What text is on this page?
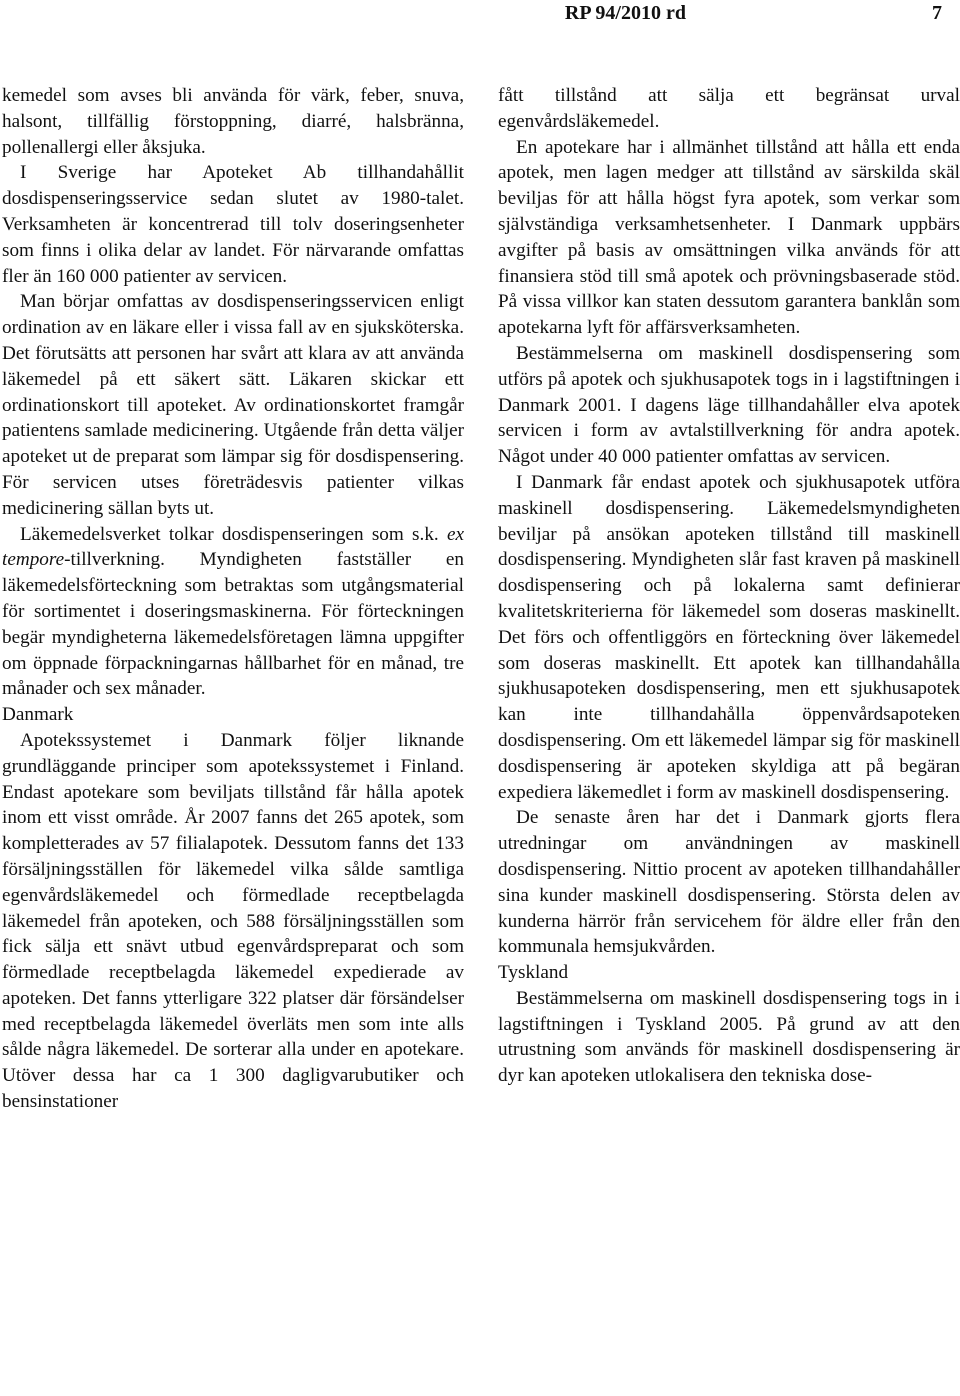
RP 94/2010 rd	7

kemedel som avses bli använda för värk, feber, snuva, halsont, tillfällig förstoppning, diarré, halsbränna, pollenallergi eller åksjuka.

I Sverige har Apoteket Ab tillhandahållit dosdispenseringsservice sedan slutet av 1980-talet. Verksamheten är koncentrerad till tolv doseringsenheter som finns i olika delar av landet. För närvarande omfattas fler än 160 000 patienter av servicen.

Man börjar omfattas av dosdispenseringsservicen enligt ordination av en läkare eller i vissa fall av en sjuksköterska. Det förutsätts att personen har svårt att klara av att använda läkemedel på ett säkert sätt. Läkaren skickar ett ordinationskort till apoteket. Av ordinationskortet framgår patientens samlade medicinering. Utgående från detta väljer apoteket ut de preparat som lämpar sig för dosdispensering. För servicen utses företrädesvis patienter vilkas medicinering sällan byts ut.

Läkemedelsverket tolkar dosdispenseringen som s.k. ex tempore-tillverkning. Myndigheten fastställer en läkemedelsförteckning som betraktas som utgångsmaterial för sortimentet i doseringsmaskinerna. För förteckningen begär myndigheterna läkemedelsföretagen lämna uppgifter om öppnade förpackningarnas hållbarhet för en månad, tre månader och sex månader.

Danmark

Apotekssystemet i Danmark följer liknande grundläggande principer som apotekssystemet i Finland. Endast apotekare som beviljats tillstånd får hålla apotek inom ett visst område. År 2007 fanns det 265 apotek, som kompletterades av 57 filialapotek. Dessutom fanns det 133 försäljningsställen för läkemedel vilka sålde samtliga egenvårdsläkemedel och förmedlade receptbelagda läkemedel från apoteken, och 588 försäljningsställen som fick sälja ett snävt utbud egenvårdspreparat och som förmedlade receptbelagda läkemedel expedierade av apoteken. Det fanns ytterligare 322 platser där försändelser med receptbelagda läkemedel överläts men som inte alls sålde några läkemedel. De sorterar alla under en apotekare. Utöver dessa har ca 1 300 dagligvarubutiker och bensinstationer

fått tillstånd att sälja ett begränsat urval egenvårdsläkemedel.

En apotekare har i allmänhet tillstånd att hålla ett enda apotek, men lagen medger att tillstånd av särskilda skäl beviljas för att hålla högst fyra apotek, som verkar som självständiga verksamhetsenheter. I Danmark uppbärs avgifter på basis av omsättningen vilka används för att finansiera stöd till små apotek och prövningsbaserade stöd. På vissa villkor kan staten dessutom garantera banklån som apotekarna lyft för affärsverksamheten.

Bestämmelserna om maskinell dosdispensering som utförs på apotek och sjukhusapotek togs in i lagstiftningen i Danmark 2001. I dagens läge tillhandahåller elva apotek servicen i form av avtalstillverkning för andra apotek. Något under 40 000 patienter omfattas av servicen.

I Danmark får endast apotek och sjukhusapotek utföra maskinell dosdispensering. Läkemedelsmyndigheten beviljar på ansökan apoteken tillstånd till maskinell dosdispensering. Myndigheten slår fast kraven på maskinell dosdispensering och på lokalerna samt definierar kvalitetskriterierna för läkemedel som doseras maskinellt. Det förs och offentliggörs en förteckning över läkemedel som doseras maskinellt. Ett apotek kan tillhandahålla sjukhusapoteken dosdispensering, men ett sjukhusapotek kan inte tillhandahålla öppenvårdsapoteken dosdispensering. Om ett läkemedel lämpar sig för maskinell dosdispensering är apoteken skyldiga att på begäran expediera läkemedlet i form av maskinell dosdispensering.

De senaste åren har det i Danmark gjorts flera utredningar om användningen av maskinell dosdispensering. Nittio procent av apoteken tillhandahåller sina kunder maskinell dosdispensering. Största delen av kunderna härrör från servicehem för äldre eller från den kommunala hemsjukvården.

Tyskland

Bestämmelserna om maskinell dosdispensering togs in i lagstiftningen i Tyskland 2005. På grund av att den utrustning som används för maskinell dosdispensering är dyr kan apoteken utlokalisera den tekniska dose-
